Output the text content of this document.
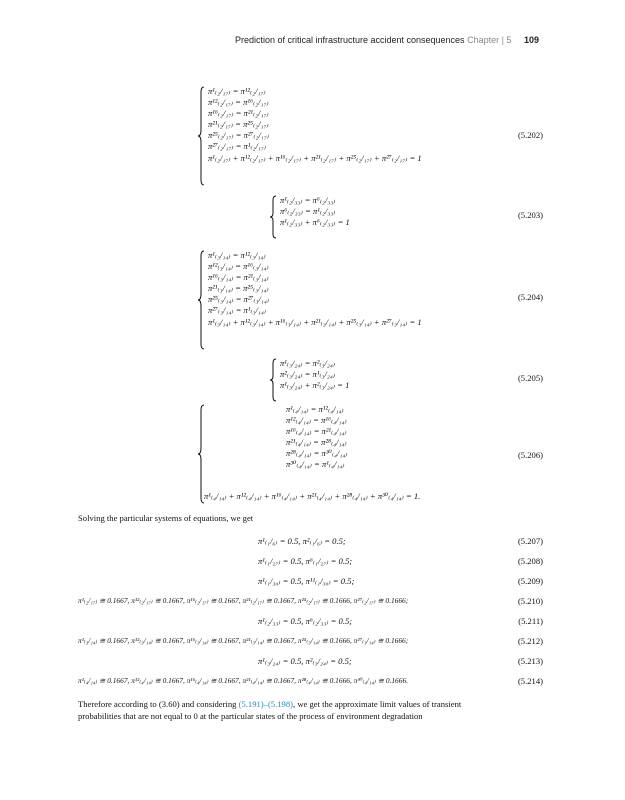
Prediction of critical infrastructure accident consequences Chapter | 5 109
π¹₍₂/₁₇₎ = π¹²₍₂/₁₇₎
π¹²₍₂/₁₇₎ = π¹⁶₍₂/₁₇₎
π¹⁶₍₂/₁₇₎ = π²¹₍₂/₁₇₎
π²¹₍₂/₁₇₎ = π²⁵₍₂/₁₇₎
π²⁵₍₂/₁₇₎ = π²⁷₍₂/₁₇₎
π²⁷₍₂/₁₇₎ = π¹₍₂/₁₇₎
π¹₍₂/₁₇₎ + π¹²₍₂/₁₇₎ + π¹⁶₍₂/₁₇₎ + π²¹₍₂/₁₇₎ + π²⁵₍₂/₁₇₎ + π²⁷₍₂/₁₇₎ = 1
(5.202)
π¹₍₂/₃₃₎ = π⁶₍₂/₃₃₎
π⁶₍₂/₃₃₎ = π¹₍₂/₃₃₎
π¹₍₂/₃₃₎ + π⁶₍₂/₃₃₎ = 1
(5.203)
π¹₍₃/₁₄₎ = π¹²₍₃/₁₄₎
π¹²₍₃/₁₄₎ = π¹⁶₍₃/₁₄₎
π¹⁶₍₃/₁₄₎ = π²¹₍₃/₁₄₎
π²¹₍₃/₁₄₎ = π²⁵₍₃/₁₄₎
π²⁵₍₃/₁₄₎ = π²⁷₍₃/₁₄₎
π²⁷₍₃/₁₄₎ = π¹₍₃/₁₄₎
π¹₍₃/₁₄₎ + π¹²₍₃/₁₄₎ + π¹⁶₍₃/₁₄₎ + π²¹₍₃/₁₄₎ + π²⁵₍₃/₁₄₎ + π²⁷₍₃/₁₄₎ = 1
(5.204)
π¹₍₃/₂₄₎ = π²₍₃/₂₄₎
π²₍₃/₂₄₎ = π¹₍₃/₂₄₎
π¹₍₃/₂₄₎ + π²₍₃/₂₄₎ = 1
(5.205)
π¹₍₄/₁₄₎ = π¹²₍₄/₁₄₎
π¹²₍₄/₁₄₎ = π¹⁶₍₄/₁₄₎
π¹⁶₍₄/₁₄₎ = π²¹₍₄/₁₄₎
π²¹₍₄/₁₄₎ = π²⁸₍₄/₁₄₎
π²⁸₍₄/₁₄₎ = π³⁰₍₄/₁₄₎
π³⁰₍₄/₁₄₎ = π¹₍₄/₁₄₎
π¹₍₄/₁₄₎ + π¹²₍₄/₁₄₎ + π¹⁶₍₄/₁₄₎ + π²¹₍₄/₁₄₎ + π²⁸₍₄/₁₄₎ + π³⁰₍₄/₁₄₎ = 1.
(5.206)
Solving the particular systems of equations, we get
π¹₍₁/₆₎ = 0.5, π²₍₁/₆₎ = 0.5;	(5.207)
π¹₍₁/₂₇₎ = 0.5, π⁶₍₁/₂₇₎ = 0.5;	(5.208)
π¹₍₁/₃₀₎ = 0.5, π¹¹₍₁/₃₀₎ = 0.5;	(5.209)
π¹₍₂/₁₇₎ ≅ 0.1667, π¹²₍₂/₁₇₎ ≅ 0.1667, π¹⁶₍₂/₁₇₎ ≅ 0.1667, π²¹₍₂/₁₇₎ ≅ 0.1667, π²⁵₍₂/₁₇₎ ≅ 0.1666, π²⁷₍₂/₁₇₎ ≅ 0.1666;	(5.210)
π¹₍₂/₃₃₎ = 0.5, π⁶₍₂/₃₃₎ = 0.5;	(5.211)
π¹₍₃/₁₄₎ ≅ 0.1667, π¹²₍₃/₁₄₎ ≅ 0.1667, π¹⁶₍₃/₁₄₎ ≅ 0.1667, π²¹₍₃/₁₄₎ ≅ 0.1667, π²⁵₍₃/₁₄₎ ≅ 0.1666, π²⁷₍₃/₁₄₎ ≅ 0.1666;	(5.212)
π¹₍₃/₂₄₎ = 0.5, π²₍₃/₂₄₎ = 0.5;	(5.213)
π¹₍₄/₁₄₎ ≅ 0.1667, π¹²₍₄/₁₄₎ ≅ 0.1667, π¹⁶₍₄/₁₄₎ ≅ 0.1667, π²¹₍₄/₁₄₎ ≅ 0.1667, π²⁸₍₄/₁₄₎ ≅ 0.1666, π³⁰₍₄/₁₄₎ ≅ 0.1666.	(5.214)
Therefore according to (3.60) and considering (5.191)–(5.198), we get the approximate limit values of transient
probabilities that are not equal to 0 at the particular states of the process of environment degradation
